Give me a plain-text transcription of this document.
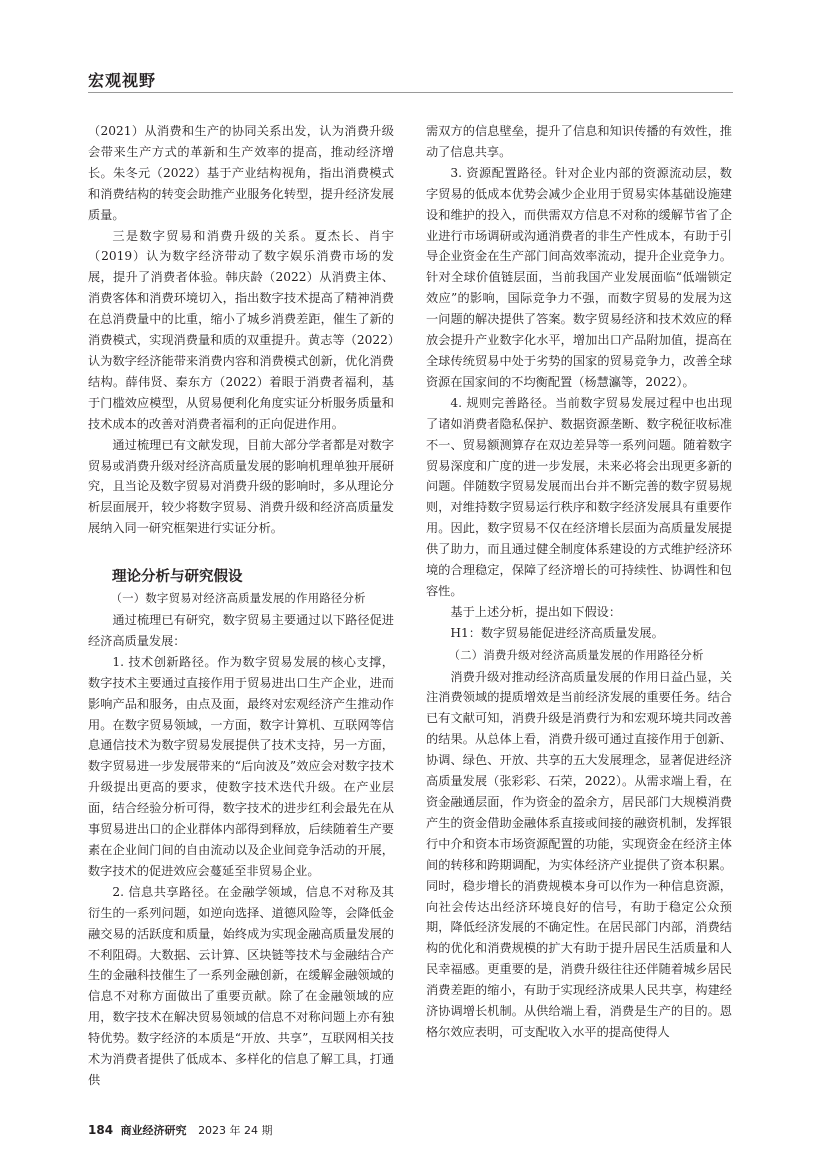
宏观视野

（2021）从消费和生产的协同关系出发，认为消费升级会带来生产方式的革新和生产效率的提高，推动经济增长。朱冬元（2022）基于产业结构视角，指出消费模式和消费结构的转变会助推产业服务化转型，提升经济发展质量。

三是数字贸易和消费升级的关系。夏杰长、肖宇（2019）认为数字经济带动了数字娱乐消费市场的发展，提升了消费者体验。韩庆龄（2022）从消费主体、消费客体和消费环境切入，指出数字技术提高了精神消费在总消费量中的比重，缩小了城乡消费差距，催生了新的消费模式，实现消费量和质的双重提升。黄志等（2022）认为数字经济能带来消费内容和消费模式创新，优化消费结构。薛伟贤、秦东方（2022）着眼于消费者福利，基于门槛效应模型，从贸易便利化角度实证分析服务质量和技术成本的改善对消费者福利的正向促进作用。

通过梳理已有文献发现，目前大部分学者都是对数字贸易或消费升级对经济高质量发展的影响机理单独开展研究，且当论及数字贸易对消费升级的影响时，多从理论分析层面展开，较少将数字贸易、消费升级和经济高质量发展纳入同一研究框架进行实证分析。

理论分析与研究假设
（一）数字贸易对经济高质量发展的作用路径分析

通过梳理已有研究，数字贸易主要通过以下路径促进经济高质量发展：

1. 技术创新路径。作为数字贸易发展的核心支撑，数字技术主要通过直接作用于贸易进出口生产企业，进而影响产品和服务，由点及面，最终对宏观经济产生推动作用。在数字贸易领域，一方面，数字计算机、互联网等信息通信技术为数字贸易发展提供了技术支持，另一方面，数字贸易进一步发展带来的“后向波及”效应会对数字技术升级提出更高的要求，使数字技术迭代升级。在产业层面，结合经验分析可得，数字技术的进步红利会最先在从事贸易进出口的企业群体内部得到释放，后续随着生产要素在企业间门间的自由流动以及企业间竞争活动的开展，数字技术的促进效应会蔓延至非贸易企业。

2. 信息共享路径。在金融学领域，信息不对称及其衍生的一系列问题，如逆向选择、道德风险等，会降低金融交易的活跃度和质量，始终成为实现金融高质量发展的不利阻碍。大数据、云计算、区块链等技术与金融结合产生的金融科技催生了一系列金融创新，在缓解金融领域的信息不对称方面做出了重要贡献。除了在金融领域的应用，数字技术在解决贸易领域的信息不对称问题上亦有独特优势。数字经济的本质是“开放、共享”，互联网相关技术为消费者提供了低成本、多样化的信息了解工具，打通供

需双方的信息壁垒，提升了信息和知识传播的有效性，推动了信息共享。

3. 资源配置路径。针对企业内部的资源流动层，数字贸易的低成本优势会减少企业用于贸易实体基础设施建设和维护的投入，而供需双方信息不对称的缓解节省了企业进行市场调研或沟通消费者的非生产性成本，有助于引导企业资金在生产部门间高效率流动，提升企业竞争力。针对全球价值链层面，当前我国产业发展面临“低端锁定效应”的影响，国际竞争力不强，而数字贸易的发展为这一问题的解决提供了答案。数字贸易经济和技术效应的释放会提升产业数字化水平，增加出口产品附加值，提高在全球传统贸易中处于劣势的国家的贸易竞争力，改善全球资源在国家间的不均衡配置（杨慧瀛等，2022）。

4. 规则完善路径。当前数字贸易发展过程中也出现了诸如消费者隐私保护、数据资源垄断、数字税征收标准不一、贸易额测算存在双边差异等一系列问题。随着数字贸易深度和广度的进一步发展，未来必将会出现更多新的问题。伴随数字贸易发展而出台并不断完善的数字贸易规则，对维持数字贸易运行秩序和数字经济发展具有重要作用。因此，数字贸易不仅在经济增长层面为高质量发展提供了助力，而且通过健全制度体系建设的方式维护经济环境的合理稳定，保障了经济增长的可持续性、协调性和包容性。

基于上述分析，提出如下假设：

H1：数字贸易能促进经济高质量发展。

（二）消费升级对经济高质量发展的作用路径分析

消费升级对推动经济高质量发展的作用日益凸显，关注消费领域的提质增效是当前经济发展的重要任务。结合已有文献可知，消费升级是消费行为和宏观环境共同改善的结果。从总体上看，消费升级可通过直接作用于创新、协调、绿色、开放、共享的五大发展理念，显著促进经济高质量发展（张彩彩、石荣，2022）。从需求端上看，在资金融通层面，作为资金的盈余方，居民部门大规模消费产生的资金借助金融体系直接或间接的融资机制，发挥银行中介和资本市场资源配置的功能，实现资金在经济主体间的转移和跨期调配，为实体经济产业提供了资本积累。同时，稳步增长的消费规模本身可以作为一种信息资源，向社会传达出经济环境良好的信号，有助于稳定公众预期，降低经济发展的不确定性。在居民部门内部，消费结构的优化和消费规模的扩大有助于提升居民生活质量和人民幸福感。更重要的是，消费升级往往还伴随着城乡居民消费差距的缩小，有助于实现经济成果人民共享，构建经济协调增长机制。从供给端上看，消费是生产的目的。恩格尔效应表明，可支配收入水平的提高使得人

184 商业经济研究 2023 年 24 期
